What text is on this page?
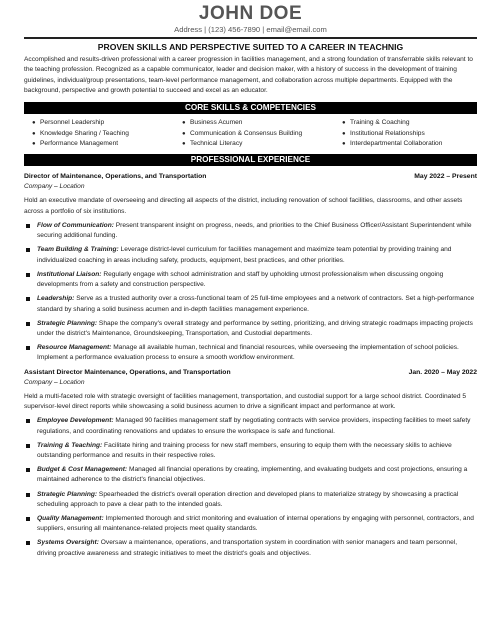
JOHN DOE
Address | (123) 456-7890 | email@email.com
PROVEN SKILLS AND PERSPECTIVE SUITED TO A CAREER IN TEACHNIG
Accomplished and results-driven professional with a career progression in facilities management, and a strong foundation of transferrable skills relevant to the teaching profession. Recognized as a capable communicator, leader and decision maker, with a history of success in the development of training guidelines, individual/group presentations, team-level performance management, and collaboration across multiple departments. Equipped with the background, perspective and growth potential to succeed and excel as an educator.
CORE SKILLS & COMPETENCIES
● Personnel Leadership	● Business Acumen	● Training & Coaching
● Knowledge Sharing / Teaching	● Communication & Consensus Building	● Institutional Relationships
● Performance Management	● Technical Literacy	● Interdepartmental Collaboration
PROFESSIONAL EXPERIENCE
Director of Maintenance, Operations, and Transportation	May 2022 – Present
Company – Location
Hold an executive mandate of overseeing and directing all aspects of the district, including renovation of school facilities, classrooms, and other assets across a portfolio of six institutions.
Flow of Communication: Present transparent insight on progress, needs, and priorities to the Chief Business Officer/Assistant Superintendent while securing additional funding.
Team Building & Training: Leverage district-level curriculum for facilities management and maximize team potential by providing training and individualized coaching in areas including safety, products, equipment, best practices, and other priorities.
Institutional Liaison: Regularly engage with school administration and staff by upholding utmost professionalism when discussing ongoing developments from a safety and construction perspective.
Leadership: Serve as a trusted authority over a cross-functional team of 25 full-time employees and a network of contractors. Set a high-performance standard by sharing a solid business acumen and in-depth facilities management experience.
Strategic Planning: Shape the company's overall strategy and performance by setting, prioritizing, and driving strategic roadmaps impacting projects under the district's Maintenance, Groundskeeping, Transportation, and Custodial departments.
Resource Management: Manage all available human, technical and financial resources, while overseeing the implementation of school policies. Implement a performance evaluation process to ensure a smooth workflow environment.
Assistant Director Maintenance, Operations, and Transportation	Jan. 2020 – May 2022
Company – Location
Held a multi-faceted role with strategic oversight of facilities management, transportation, and custodial support for a large school district. Coordinated 5 supervisor-level direct reports while showcasing a solid business acumen to drive a significant impact and performance at work.
Employee Development: Managed 90 facilities management staff by negotiating contracts with service providers, inspecting facilities to meet safety regulations, and coordinating renovations and updates to ensure the workspace is safe and functional.
Training & Teaching: Facilitate hiring and training process for new staff members, ensuring to equip them with the necessary skills to achieve outstanding performance and results in their respective roles.
Budget & Cost Management: Managed all financial operations by creating, implementing, and evaluating budgets and cost projections, ensuring a maintained adherence to the district's financial objectives.
Strategic Planning: Spearheaded the district's overall operation direction and developed plans to materialize strategy by showcasing a practical scheduling approach to pave a clear path to the intended goals.
Quality Management: Implemented thorough and strict monitoring and evaluation of internal operations by engaging with personnel, contractors, and suppliers, ensuring all maintenance-related projects meet quality standards.
Systems Oversight: Oversaw a maintenance, operations, and transportation system in coordination with senior managers and team personnel, driving proactive awareness and strategic initiatives to meet the district's goals and objectives.
